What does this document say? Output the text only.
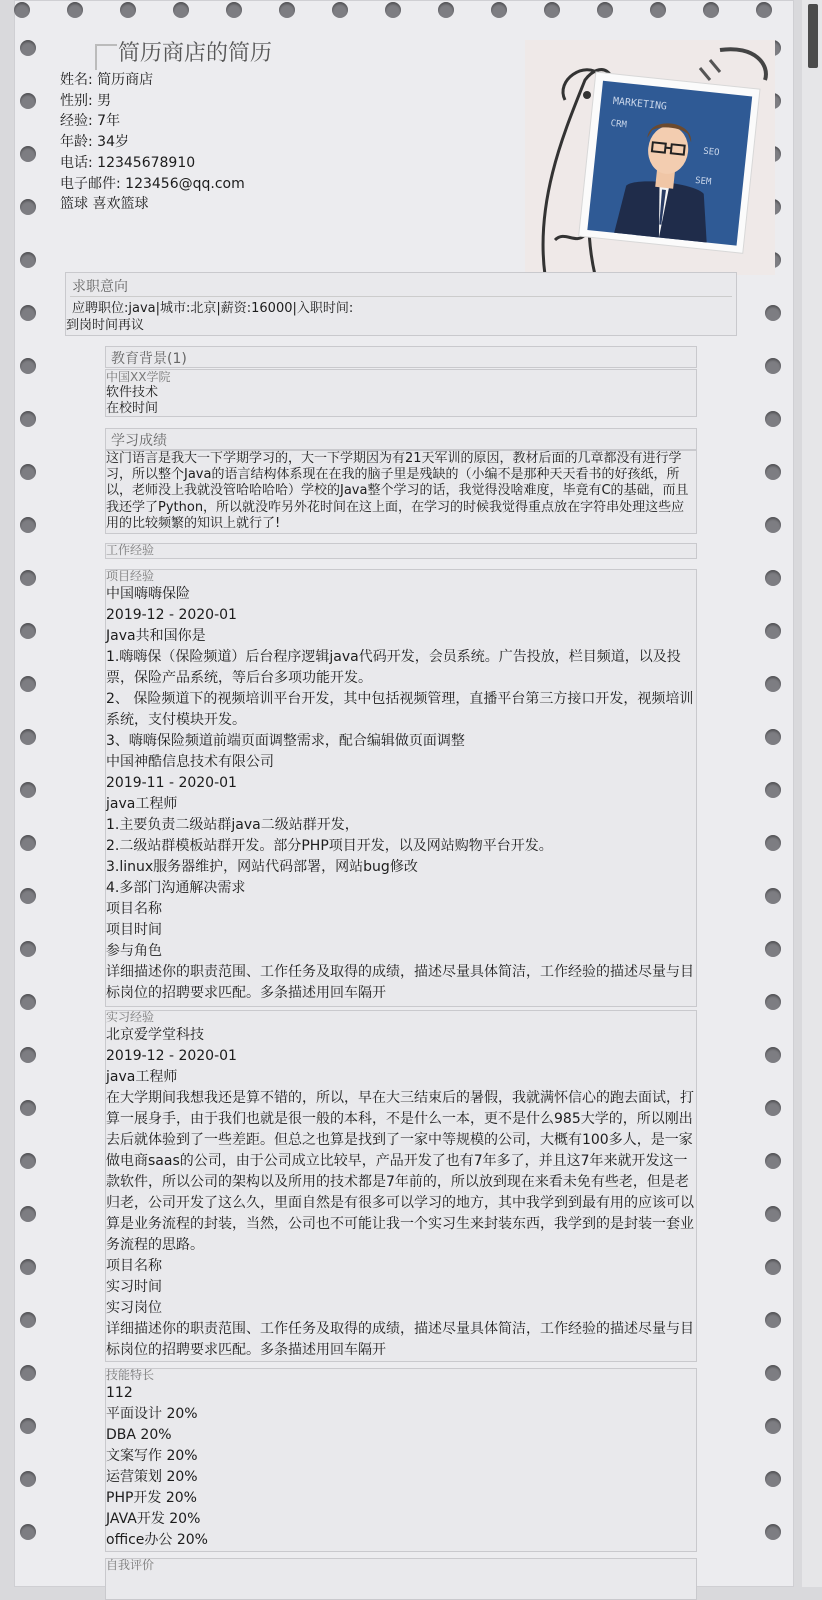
简历商店的简历
姓名: 简历商店
性别: 男
经验: 7年
年龄: 34岁
电话: 12345678910
电子邮件: 123456@qq.com
篮球 喜欢篮球
MARKETING
CRM
SEO
SEM
求职意向
应聘职位:java|城市:北京|薪资:16000|入职时间:
到岗时间再议
教育背景(1)
中国XX学院
软件技术
在校时间
学习成绩
这门语言是我大一下学期学习的，大一下学期因为有21天军训的原因，教材后面的几章都没有进行学习，所以整个Java的语言结构体系现在在我的脑子里是残缺的（小编不是那种天天看书的好孩纸，所以，老师没上我就没管哈哈哈哈）学校的Java整个学习的话，我觉得没啥难度，毕竟有C的基础，而且我还学了Python，所以就没咋另外花时间在这上面，在学习的时候我觉得重点放在字符串处理这些应用的比较频繁的知识上就行了!
工作经验
项目经验
中国嗨嗨保险
2019-12 - 2020-01
Java共和国你是
1.嗨嗨保（保险频道）后台程序逻辑java代码开发，会员系统。广告投放，栏目频道，以及投票，保险产品系统，等后台多项功能开发。
2、 保险频道下的视频培训平台开发，其中包括视频管理，直播平台第三方接口开发，视频培训系统，支付模块开发。
3、嗨嗨保险频道前端页面调整需求，配合编辑做页面调整
中国神酷信息技术有限公司
2019-11 - 2020-01
java工程师
1.主要负责二级站群java二级站群开发，
2.二级站群模板站群开发。部分PHP项目开发，以及网站购物平台开发。
3.linux服务器维护，网站代码部署，网站bug修改
4.多部门沟通解决需求
项目名称
项目时间
参与角色
详细描述你的职责范围、工作任务及取得的成绩，描述尽量具体简洁，工作经验的描述尽量与目标岗位的招聘要求匹配。多条描述用回车隔开
实习经验
北京爱学堂科技
2019-12 - 2020-01
java工程师
在大学期间我想我还是算不错的，所以，早在大三结束后的暑假，我就满怀信心的跑去面试，打算一展身手，由于我们也就是很一般的本科，不是什么一本，更不是什么985大学的，所以刚出去后就体验到了一些差距。但总之也算是找到了一家中等规模的公司，大概有100多人，是一家做电商saas的公司，由于公司成立比较早，产品开发了也有7年多了，并且这7年来就开发这一款软件，所以公司的架构以及所用的技术都是7年前的，所以放到现在来看未免有些老，但是老归老，公司开发了这么久，里面自然是有很多可以学习的地方，其中我学到到最有用的应该可以算是业务流程的封装，当然，公司也不可能让我一个实习生来封装东西，我学到的是封装一套业务流程的思路。
项目名称
实习时间
实习岗位
详细描述你的职责范围、工作任务及取得的成绩，描述尽量具体简洁，工作经验的描述尽量与目标岗位的招聘要求匹配。多条描述用回车隔开
技能特长
112
平面设计 20%
DBA 20%
文案写作 20%
运营策划 20%
PHP开发 20%
JAVA开发 20%
office办公 20%
自我评价
